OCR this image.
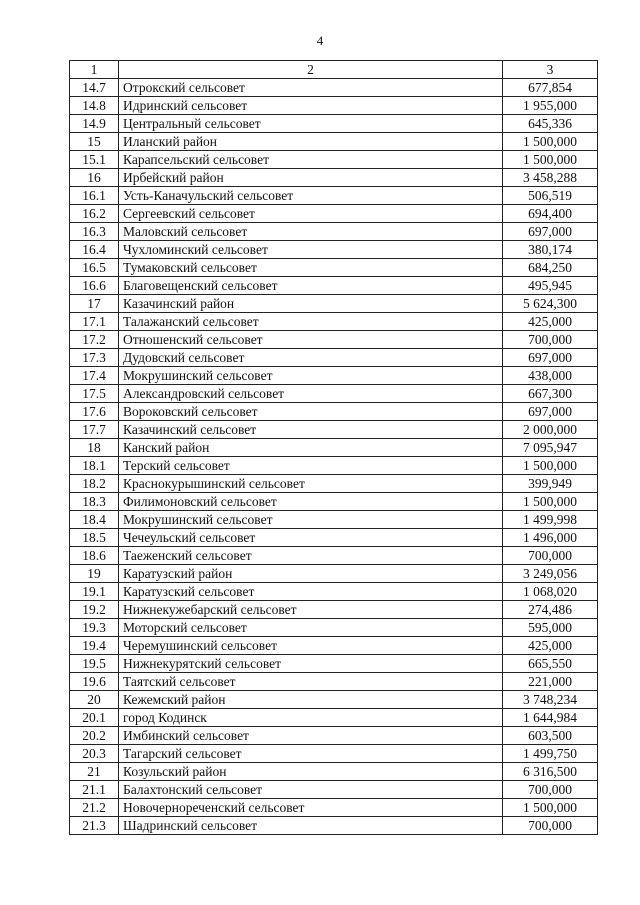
4
1	2	3
14.7	Отрокский сельсовет	677,854
14.8	Идринский сельсовет	1 955,000
14.9	Центральный сельсовет	645,336
15	Иланский район	1 500,000
15.1	Карапсельский сельсовет	1 500,000
16	Ирбейский район	3 458,288
16.1	Усть-Каначульский сельсовет	506,519
16.2	Сергеевский сельсовет	694,400
16.3	Маловский сельсовет	697,000
16.4	Чухломинский сельсовет	380,174
16.5	Тумаковский сельсовет	684,250
16.6	Благовещенский сельсовет	495,945
17	Казачинский район	5 624,300
17.1	Талажанский сельсовет	425,000
17.2	Отношенский сельсовет	700,000
17.3	Дудовский сельсовет	697,000
17.4	Мокрушинский сельсовет	438,000
17.5	Александровский сельсовет	667,300
17.6	Вороковский сельсовет	697,000
17.7	Казачинский сельсовет	2 000,000
18	Канский район	7 095,947
18.1	Терский сельсовет	1 500,000
18.2	Краснокурышинский сельсовет	399,949
18.3	Филимоновский сельсовет	1 500,000
18.4	Мокрушинский сельсовет	1 499,998
18.5	Чечеульский сельсовет	1 496,000
18.6	Таеженский сельсовет	700,000
19	Каратузский район	3 249,056
19.1	Каратузский сельсовет	1 068,020
19.2	Нижнекужебарский сельсовет	274,486
19.3	Моторский сельсовет	595,000
19.4	Черемушинский сельсовет	425,000
19.5	Нижнекурятский сельсовет	665,550
19.6	Таятский сельсовет	221,000
20	Кежемский район	3 748,234
20.1	город Кодинск	1 644,984
20.2	Имбинский сельсовет	603,500
20.3	Тагарский сельсовет	1 499,750
21	Козульский район	6 316,500
21.1	Балахтонский сельсовет	700,000
21.2	Новочернореченский сельсовет	1 500,000
21.3	Шадринский сельсовет	700,000
